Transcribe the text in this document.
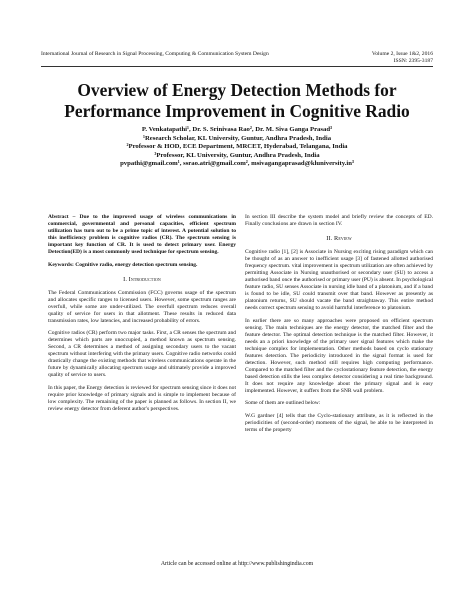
International Journal of Research in Signal Processing, Computing & Communication System Design	Volume 2, Issue 1&2, 2016
ISSN: 2395-3187
Overview of Energy Detection Methods for
Performance Improvement in Cognitive Radio
P. Venkatapathi¹, Dr. S. Srinivasa Rao², Dr. M. Siva Ganga Prasad³
¹Research Scholar, KL University, Guntur, Andhra Pradesh, India
²Professor & HOD, ECE Department, MRCET, Hyderabad, Telangana, India
³Professor, KL University, Guntur, Andhra Pradesh, India
pvpathi@gmail.com¹, ssrao.atri@gmail.com², msivagangaprasad@kluniversity.in³

Abstract – Due to the improved usage of wireless communications in commercial, governmental and personal capacities, efficient spectrum utilization has turn out to be a prime topic of interest. A potential solution to this inefficiency problem is cognitive radios (CR). The spectrum sensing is important key function of CR. It is used to detect primary user. Energy Detection(ED) is a most commonly used technique for spectrum sensing.

Keywords: Cognitive radio, energy detection spectrum sensing.

I. Introduction

The Federal Communications Commission (FCC) governs usage of the spectrum and allocates specific ranges to licensed users. However, some spectrum ranges are overfull, while some are under-utilized. The overfull spectrum reduces overall quality of service for users in that allotment. These results in reduced data transmission rates, low latencies, and increased probability of errors.

Cognitive radios (CR) perform two major tasks. First, a CR senses the spectrum and determines which parts are unoccupied, a method known as spectrum sensing. Second, a CR determines a method of assigning secondary users to the vacant spectrum without interfering with the primary users. Cognitive radio networks could drastically change the existing methods that wireless communications operate in the future by dynamically allocating spectrum usage and ultimately provide a improved quality of service to users.

In this paper, the Energy detection is reviewed for spectrum sensing since it does not require prior knowledge of primary signals and is simple to implement because of low complexity. The remaining of the paper is planned as follows. In section II, we review energy detector from deferent author's perspectives.

In section III describe the system model and briefly review the concepts of ED. Finally conclusions are drawn in section IV.

II. Review

Cognitive radio [1], [2] is Associate in Nursing exciting rising paradigm which can be thought of as an answer to inefficient usage [3] of fastened allotted authorised frequency spectrum. vital improvement in spectrum utilization are often achieved by permitting Associate in Nursing unauthorised or secondary user (SU) to access a authorised band once the authorised or primary user (PU) is absent. In psychological feature radio, SU senses Associate in nursing idle band of a platonium, and if a band is found to be idle, SU could transmit over that band. However as presently as platonium returns, SU should vacate the band straightaway. This entire method needs correct spectrum sensing to avoid harmful interference to platonium.

In earlier there are so many approaches were proposed on efficient spectrum sensing. The main techniques are the energy detector, the matched filter and the feature detector. The optimal detection technique is the matched filter. However, it needs an a priori knowledge of the primary user signal features which make the technique complex for implementation. Other methods based on cyclo stationary features detection. The periodicity introduced in the signal format is used for detection. However, such method still requires high computing performance. Compared to the matched filter and the cyclostationary feature detection, the energy based detection stills the less complex detector considering a real time background. It does not require any knowledge about the primary signal and is easy implemented. However, it suffers from the SNR wall problem.

Some of them are outlined below:

W.G gardner [4] tells that the Cyclo-stationary attribute, as it is reflected in the periodicities of (second-order) moments of the signal, be able to be interpreted in terms of the property

Article can be accessed online at http://www.publishingindia.com
